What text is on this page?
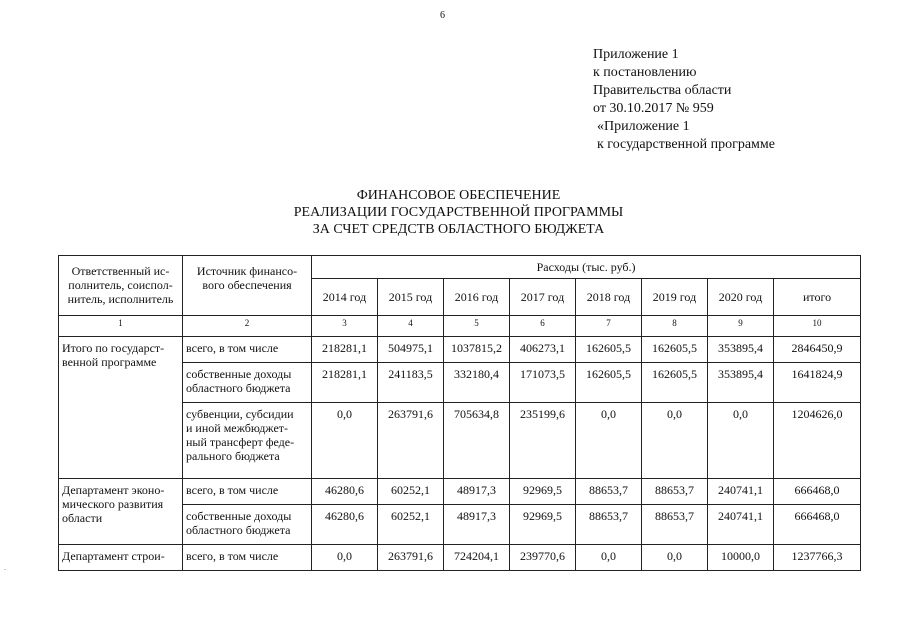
6
Приложение 1
к постановлению
Правительства области
от 30.10.2017 № 959
«Приложение 1
к государственной программе
ФИНАНСОВОЕ ОБЕСПЕЧЕНИЕ
РЕАЛИЗАЦИИ ГОСУДАРСТВЕННОЙ ПРОГРАММЫ
ЗА СЧЕТ СРЕДСТВ ОБЛАСТНОГО БЮДЖЕТА
Ответственный ис-
полнитель, соиспол-
нитель, исполнитель	Источник финансо-
вого обеспечения	Расходы (тыс. руб.)							
		2014 год	2015 год	2016 год	2017 год	2018 год	2019 год	2020 год	итого
1	2	3	4	5	6	7	8	9	10
Итого по государст-
венной программе	всего, в том числе	218281,1	504975,1	1037815,2	406273,1	162605,5	162605,5	353895,4	2846450,9
	собственные доходы
областного бюджета	218281,1	241183,5	332180,4	171073,5	162605,5	162605,5	353895,4	1641824,9
	субвенции, субсидии
и иной межбюджет-
ный трансферт феде-
рального бюджета	0,0	263791,6	705634,8	235199,6	0,0	0,0	0,0	1204626,0
Департамент эконо-
мического развития
области	всего, в том числе	46280,6	60252,1	48917,3	92969,5	88653,7	88653,7	240741,1	666468,0
	собственные доходы
областного бюджета	46280,6	60252,1	48917,3	92969,5	88653,7	88653,7	240741,1	666468,0
Департамент строи-	всего, в том числе	0,0	263791,6	724204,1	239770,6	0,0	0,0	10000,0	1237766,3
.
